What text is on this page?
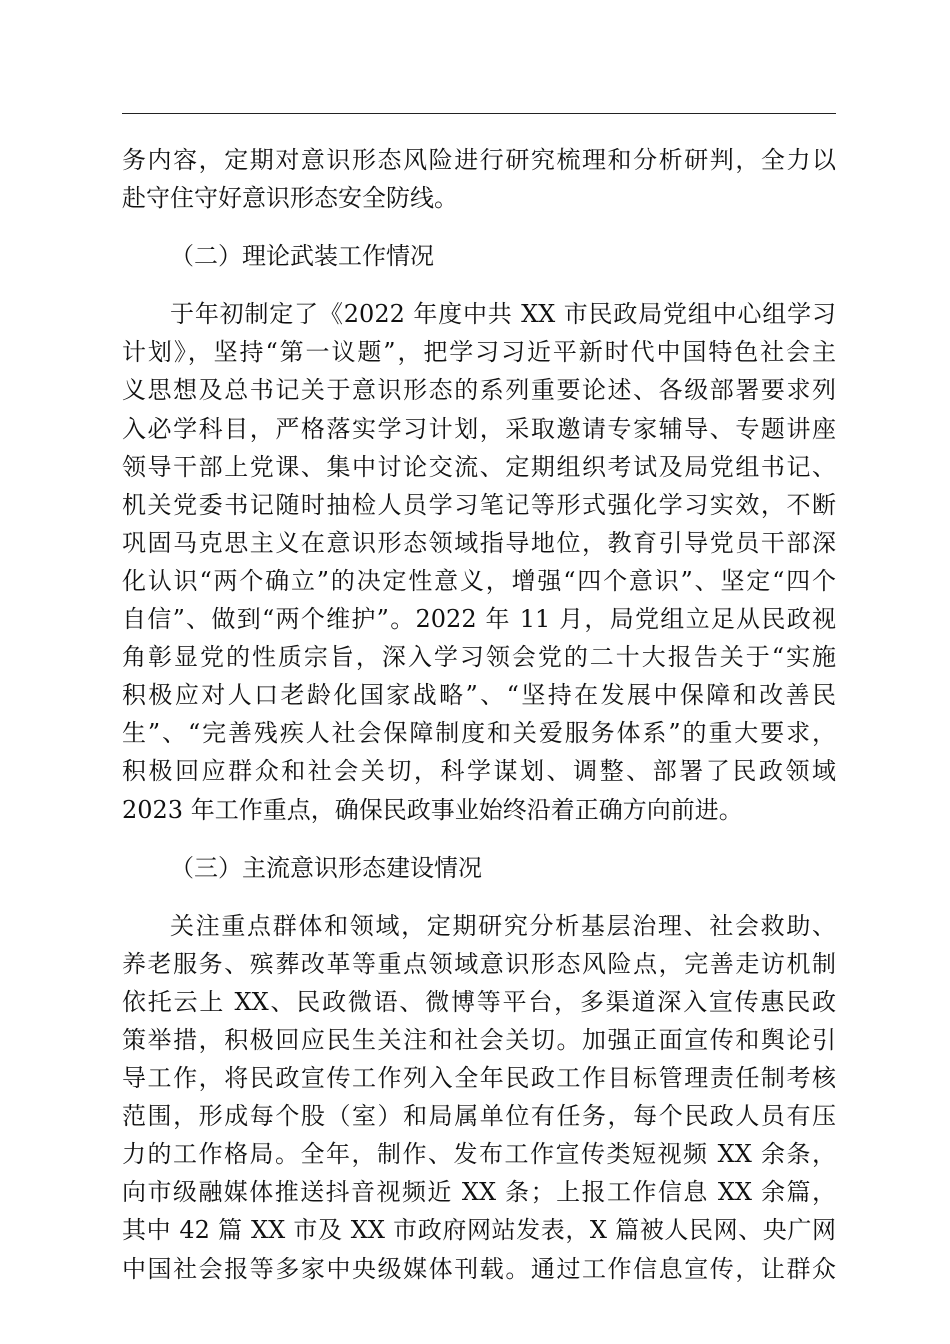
务内容，定期对意识形态风险进行研究梳理和分析研判，全力以
赴守住守好意识形态安全防线。
（二）理论武装工作情况
于年初制定了《2022 年度中共 XX 市民政局党组中心组学习
计划》，坚持“第一议题”，把学习习近平新时代中国特色社会主
义思想及总书记关于意识形态的系列重要论述、各级部署要求列
入必学科目，严格落实学习计划，采取邀请专家辅导、专题讲座
领导干部上党课、集中讨论交流、定期组织考试及局党组书记、
机关党委书记随时抽检人员学习笔记等形式强化学习实效，不断
巩固马克思主义在意识形态领域指导地位，教育引导党员干部深
化认识“两个确立”的决定性意义，增强“四个意识”、坚定“四个
自信”、做到“两个维护”。2022 年 11 月，局党组立足从民政视
角彰显党的性质宗旨，深入学习领会党的二十大报告关于“实施
积极应对人口老龄化国家战略”、“坚持在发展中保障和改善民
生”、“完善残疾人社会保障制度和关爱服务体系”的重大要求，
积极回应群众和社会关切，科学谋划、调整、部署了民政领域
2023 年工作重点，确保民政事业始终沿着正确方向前进。
（三）主流意识形态建设情况
关注重点群体和领域，定期研究分析基层治理、社会救助、
养老服务、殡葬改革等重点领域意识形态风险点，完善走访机制
依托云上 XX、民政微语、微博等平台，多渠道深入宣传惠民政
策举措，积极回应民生关注和社会关切。加强正面宣传和舆论引
导工作，将民政宣传工作列入全年民政工作目标管理责任制考核
范围，形成每个股（室）和局属单位有任务，每个民政人员有压
力的工作格局。全年，制作、发布工作宣传类短视频 XX 余条，
向市级融媒体推送抖音视频近 XX 条；上报工作信息 XX 余篇，
其中 42 篇 XX 市及 XX 市政府网站发表，X 篇被人民网、央广网
中国社会报等多家中央级媒体刊载。通过工作信息宣传，让群众
